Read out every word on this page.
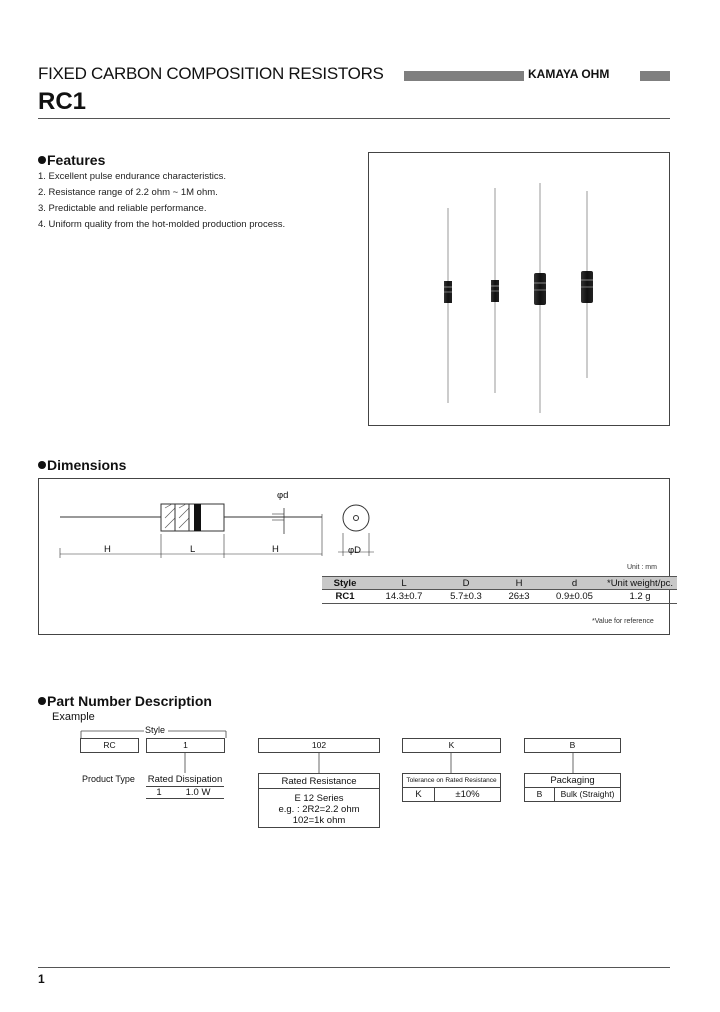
FIXED CARBON COMPOSITION RESISTORS	KAMAYA OHM
RC1
Features
1. Excellent pulse endurance characteristics.
2. Resistance range of 2.2 ohm ~ 1M ohm.
3. Predictable and reliable performance.
4. Uniform quality from the hot-molded production process.
Dimensions
H	L	H
φd
φD
Unit : mm
Style	L	D	H	d	*Unit weight/pc.
RC1	14.3±0.7	5.7±0.3	26±3	0.9±0.05	1.2 g
*Value for reference
Part Number Description
Example
Style
RC	1	102	K	B
Product Type Rated Dissipation
1	1.0 W
Rated Resistance
E 12 Series
e.g. : 2R2=2.2 ohm
102=1k ohm
Tolerance on Rated Resistance
K	±10%
Packaging
B	Bulk (Straight)
1
